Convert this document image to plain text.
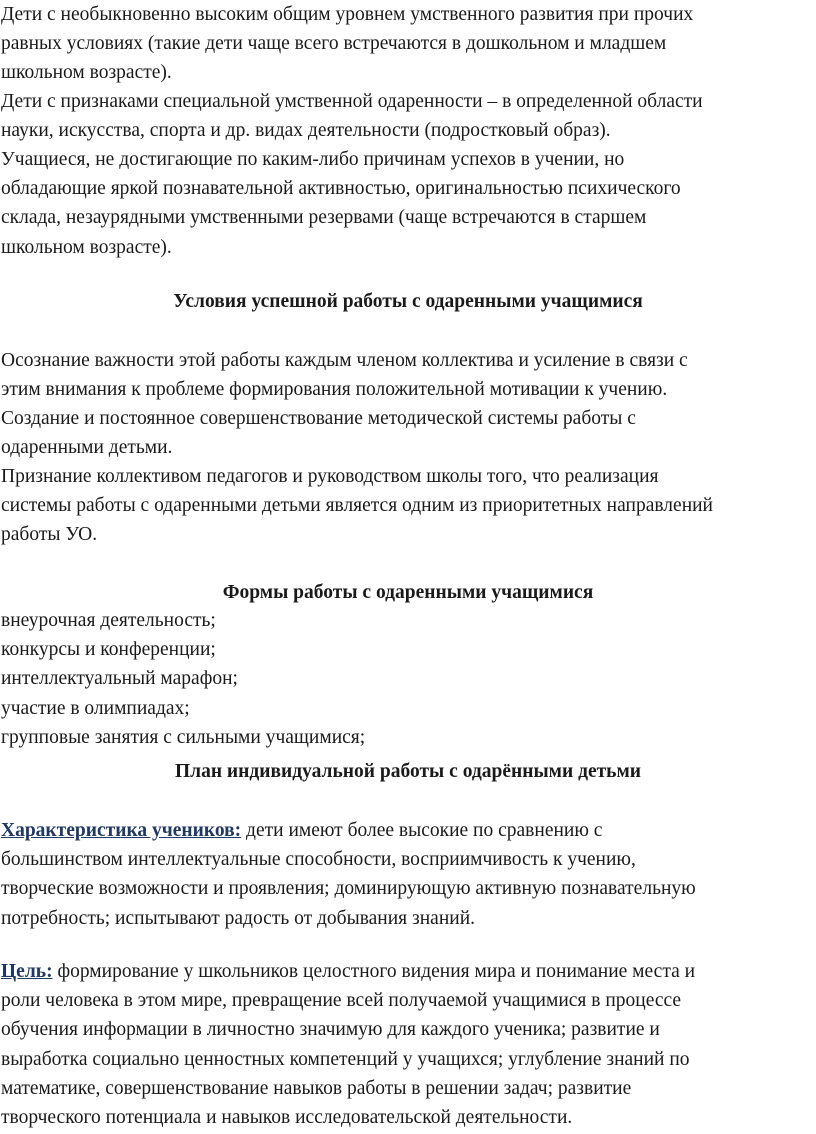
Дети с необыкновенно высоким общим уровнем умственного развития при прочих
равных условиях (такие дети чаще всего встречаются в дошкольном и младшем
школьном возрасте).
Дети с признаками специальной умственной одаренности – в определенной области
науки, искусства, спорта и др. видах деятельности (подростковый образ).
Учащиеся, не достигающие по каким-либо причинам успехов в учении, но
обладающие яркой познавательной активностью, оригинальностью психического
склада, незаурядными умственными резервами (чаще встречаются в старшем
школьном возрасте).
Условия успешной работы с одаренными учащимися
Осознание важности этой работы каждым членом коллектива и усиление в связи с
этим внимания к проблеме формирования положительной мотивации к учению.
Создание и постоянное совершенствование методической системы работы с
одаренными детьми.
Признание коллективом педагогов и руководством школы того, что реализация
системы работы с одаренными детьми является одним из приоритетных направлений
работы УО.
Формы работы с одаренными учащимися
внеурочная деятельность;
конкурсы и конференции;
интеллектуальный марафон;
участие в олимпиадах;
групповые занятия с сильными учащимися;
План индивидуальной работы с одарёнными детьми
Характеристика учеников: дети имеют более высокие по сравнению с
большинством интеллектуальные способности, восприимчивость к учению,
творческие возможности и проявления; доминирующую активную познавательную
потребность; испытывают радость от добывания знаний.
Цель: формирование у школьников целостного видения мира и понимание места и
роли человека в этом мире, превращение всей получаемой учащимися в процессе
обучения информации в личностно значимую для каждого ученика; развитие и
выработка социально ценностных компетенций у учащихся; углубление знаний по
математике, совершенствование навыков работы в решении задач; развитие
творческого потенциала и навыков исследовательской деятельности.
